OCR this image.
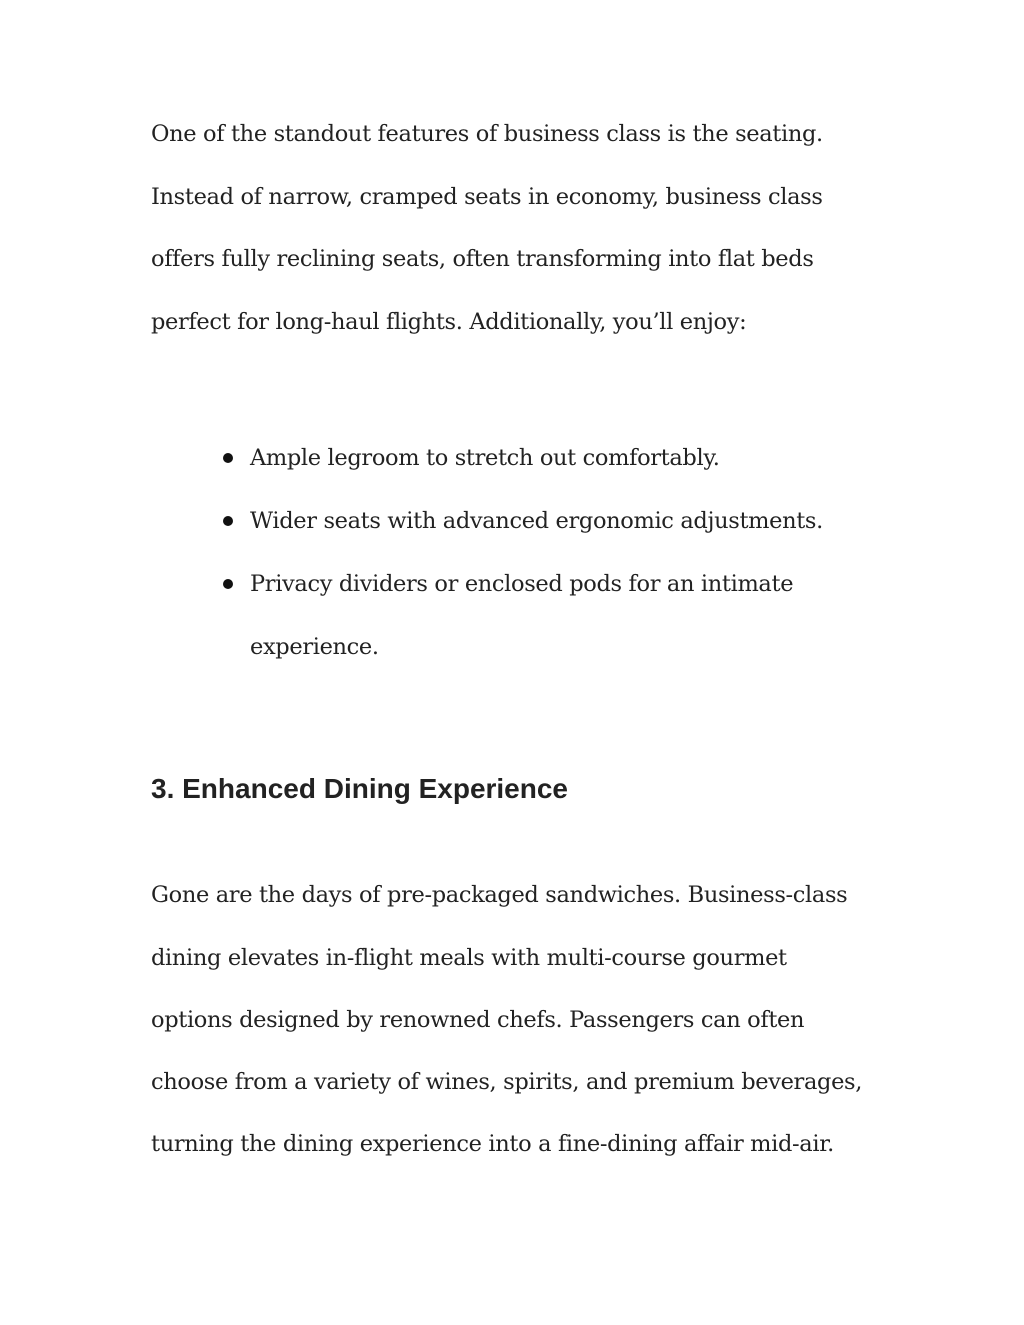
One of the standout features of business class is the seating.

Instead of narrow, cramped seats in economy, business class

offers fully reclining seats, often transforming into flat beds

perfect for long-haul flights. Additionally, you’ll enjoy:

Ample legroom to stretch out comfortably.
Wider seats with advanced ergonomic adjustments.
Privacy dividers or enclosed pods for an intimate

experience.

3. Enhanced Dining Experience

Gone are the days of pre-packaged sandwiches. Business-class

dining elevates in-flight meals with multi-course gourmet

options designed by renowned chefs. Passengers can often

choose from a variety of wines, spirits, and premium beverages,

turning the dining experience into a fine-dining affair mid-air.
